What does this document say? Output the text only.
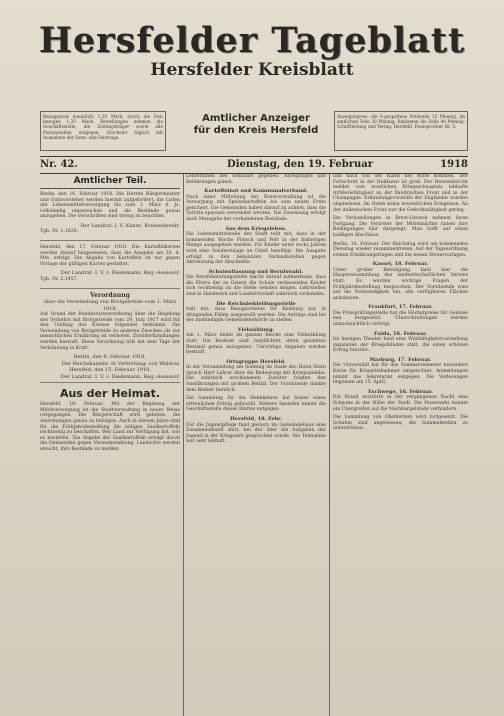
Hersfelder Tageblatt
Hersfelder Kreisblatt
Bezugspreis monatlich 1,20 Mark, durch die Post bezogen 1,35 Mark. Bestellungen nehmen die Geschäftsstelle, die Zeitungsträger sowie alle Postanstalten entgegen. Erscheint täglich mit Ausnahme der Sonn- und Feiertage.
Amtlicher Anzeiger
für den Kreis Hersfeld
Anzeigenpreis: die 6-gespaltene Petitzeile 15 Pfennig, im amtlichen Teile 20 Pfennig, Reklamen die Zeile 40 Pfennig. Schriftleitung und Verlag: Hersfeld. Fernsprecher Nr. 5.
Nr. 42.	Dienstag, den 19. Februar	1918
Amtlicher Teil.
Berlin, den 16. Februar 1918. Die Herren Bürgermeister und Gutsvorsteher werden hiermit aufgefordert, die Listen der Lebensmittelversorgung bis zum 1. März d. Js. vollständig einzureichen und die Bestände genau anzugeben. Die Vorschriften sind streng zu beachten.
Der Landrat. I. V. Kunze, Kreissekretär.
Tgb. Nr. 1.1820.
Hersfeld, den 17. Februar 1918. Die Kartoffelkarten werden darauf hingewiesen, dass die Ausgabe am 20. d. Mts. erfolgt. Die Abgabe von Kartoffeln ist nur gegen Vorlage der gültigen Karten gestattet.
Der Landrat. I. V. v. Diedemann, Reg.-Assessor.
Tgb. Nr. 2.1457.
Verordnung
über die Verwendung von Brotgetreide vom 1. März 1918.
Auf Grund der Bundesratsverordnung über die Regelung des Verkehrs mit Brotgetreide vom 29. Juni 1917 wird für den Umfang des Kreises folgendes bestimmt: Die Verwendung von Brotgetreide zu anderen Zwecken als zur menschlichen Ernährung ist verboten. Zuwiderhandlungen werden bestraft. Diese Verordnung tritt mit dem Tage der Verkündung in Kraft.
Berlin, den 9. Februar 1918.
Der Reichskanzler. In Vertretung: von Waldow.
Hersfeld, den 15. Februar 1918.
Der Landrat. I. V. v. Diedemann, Reg.-Assessor.
Aus der Heimat.
Hersfeld, 18. Februar. Mit der Regelung der Milchversorgung ist die Stadtverwaltung in neuer Weise vorgegangen. Die Bürgerschaft wird gebeten, die Anordnungen genau zu befolgen. Auch in diesem Jahre sind für die Frühjahrsbestellung die nötigen Saatkartoffeln rechtzeitig zu beschaffen. Wer Land zur Verfügung hat, soll es bestellen. Die Abgabe der Saatkartoffeln erfolgt durch die Gemeinden gegen Vorausbezahlung. Landwirte werden ersucht, ihre Bestände zu melden.
Lehrerinnen des Seminars gegeben. Anregungen und Belehrungen gaben.
Kartoffelnot und Kommunalverband.
Nach einer Mitteilung der Kreisverwaltung ist die Versorgung mit Speisekartoffeln bis zum neuen Ernte gesichert. Die Gemeinden haben darauf zu achten, dass die Vorräte sparsam verwendet werden. Die Zuweisung erfolgt nach Massgabe der vorhandenen Bestände.
Aus dem Kriegsleben.
Die Lebensmittelstelle der Stadt teilt mit, dass in der kommenden Woche Fleisch und Fett in der bisherigen Menge ausgegeben werden. Für Kinder unter sechs Jahren wird eine Sonderzulage an Grieß bewilligt. Die Ausgabe erfolgt in den bekannten Verkaufsstellen gegen Abtrennung der Abschnitte.
Schulentlassung und Berufswahl.
Die Berufsberatungsstelle macht darauf aufmerksam, dass die Eltern der zu Ostern die Schule verlassenden Kinder sich rechtzeitig an die Stelle wenden mögen. Lehrstellen sind in Handwerk und Landwirtschaft zahlreich vorhanden.
Die Reichsbekleidungsstelle
teilt mit, dass Bezugsscheine für Kleidung nur in dringenden Fällen ausgestellt werden. Die Anträge sind bei der zuständigen Gemeindebehörde zu stellen.
Viehzählung.
Am 1. März findet im ganzen Reiche eine Viehzählung statt. Die Besitzer sind verpflichtet, ihren gesamten Bestand genau anzugeben. Unrichtige Angaben werden bestraft.
Ortsgruppe Hersfeld.
In der Versammlung am Sonntag im Saale des Hotel Stern sprach Herr Lehrer über die Bedeutung der Kriegsanleihe. Die zahlreich erschienenen Zuhörer folgten den Ausführungen mit großem Beifall. Der Vorsitzende dankte dem Redner herzlich.
Die Sammlung für die Heimkehrer hat bisher einen erfreulichen Ertrag gebracht. Weitere Spenden nimmt die Geschäftsstelle dieses Blattes entgegen.
Hersfeld, 18. Febr.
Für die Jugendpflege fand gestern im Gemeindehaus eine Zusammenkunft statt, bei der über die Aufgaben der Jugend in der Kriegszeit gesprochen wurde. Die Teilnahme war sehr lebhaft.
und nach von der Kunst der Ärzte kommen. Der Fortschritt in der Heilkunst ist groß. Der Heeresbericht meldet vom westlichen Kriegsschauplatz lebhafte Artillerietätigkeit an der flandrischen Front und in der Champagne. Erkundungsvorstöße der Engländer wurden abgewiesen. Im Osten keine wesentlichen Ereignisse. An der italienischen Front war die Gefechtstätigkeit gering.
Die Verhandlungen in Brest-Litowsk nehmen ihren Fortgang. Die Vertreter der Mittelmächte haben ihre Bedingungen klar dargelegt. Man hofft auf einen baldigen Abschluss.
Berlin, 18. Februar. Der Reichstag wird am kommenden Dienstag wieder zusammentreten. Auf der Tagesordnung stehen Ernährungsfragen und die neuen Steuervorlagen.
Kassel, 18. Februar.
Unter großer Beteiligung fand hier die Hauptversammlung des landwirtschaftlichen Vereins statt. Es wurden wichtige Fragen der Frühjahrsbestellung besprochen. Der Vorsitzende wies auf die Notwendigkeit hin, alle verfügbaren Flächen anzubauen.
Frankfurt, 17. Februar.
Die Preisprüfungsstelle hat die Höchstpreise für Gemüse neu festgesetzt. Überschreitungen werden unnachsichtlich verfolgt.
Fulda, 16. Februar.
Im hiesigen Theater fand eine Wohltätigkeitsvorstellung zugunsten der Kriegsblinden statt, die einen schönen Ertrag brachte.
Marburg, 17. Februar.
Die Universität hat für das Sommersemester besondere Kurse für Kriegsteilnehmer eingerichtet. Anmeldungen nimmt das Sekretariat entgegen. Die Vorlesungen beginnen am 15. April.
Eschwege, 16. Februar.
Ein Brand zerstörte in der vergangenen Nacht eine Scheune in der Nähe der Stadt. Die Feuerwehr konnte ein Übergreifen auf die Nachbargebäude verhindern.
Die Sammlung von Obstkernen wird fortgesetzt. Die Schulen sind angewiesen, die Sammelstellen zu unterstützen.
